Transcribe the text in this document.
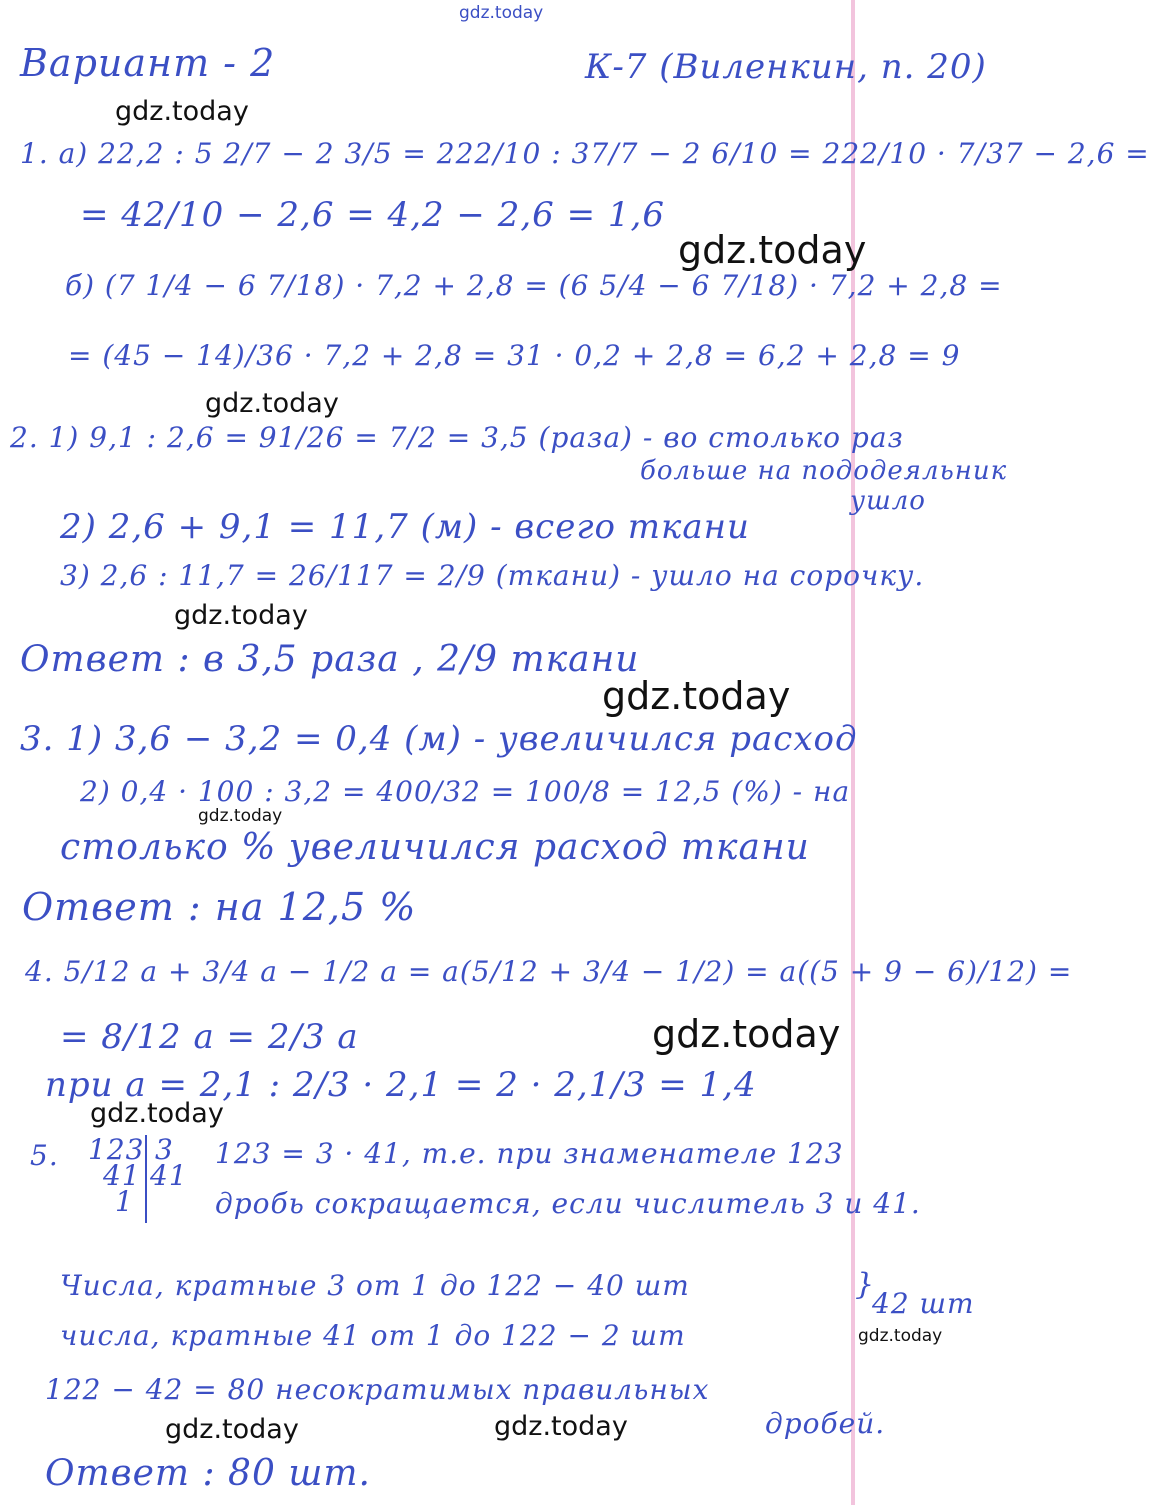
gdz.today
gdz.today
gdz.today
gdz.today
gdz.today
gdz.today
gdz.today
gdz.today
gdz.today
gdz.today
gdz.today	gdz.today
Вариант - 2	К-7 (Виленкин, п. 20)
1. а) 22,2 : 5 2/7 − 2 3/5 = 222/10 : 37/7 − 2 6/10 = 222/10 · 7/37 − 2,6 =
= 42/10 − 2,6 = 4,2 − 2,6 = 1,6
б) (7 1/4 − 6 7/18) · 7,2 + 2,8 = (6 5/4 − 6 7/18) · 7,2 + 2,8 =
= (45 − 14)/36 · 7,2 + 2,8 = 31 · 0,2 + 2,8 = 6,2 + 2,8 = 9
2. 1) 9,1 : 2,6 = 91/26 = 7/2 = 3,5 (раза) - во столько раз
больше на пододеяльник
ушло
2) 2,6 + 9,1 = 11,7 (м) - всего ткани
3) 2,6 : 11,7 = 26/117 = 2/9 (ткани) - ушло на сорочку.
Ответ : в 3,5 раза , 2/9 ткани
3. 1) 3,6 − 3,2 = 0,4 (м) - увеличился расход
2) 0,4 · 100 : 3,2 = 400/32 = 100/8 = 12,5 (%) - на
столько % увеличился расход ткани
Ответ : на 12,5 %
4. 5/12 a + 3/4 a − 1/2 a = a(5/12 + 3/4 − 1/2) = a((5 + 9 − 6)/12) =
= 8/12 a = 2/3 a
при a = 2,1 : 2/3 · 2,1 = 2 · 2,1/3 = 1,4
5. 123
41
1
3
41
123 = 3 · 41, т.е. при знаменателе 123
дробь сокращается, если числитель 3 и 41.
Числа, кратные 3 от 1 до 122 − 40 шт
числа, кратные 41 от 1 до 122 − 2 шт
}
42 шт
122 − 42 = 80 несократимых правильных
дробей.
Ответ : 80 шт.
